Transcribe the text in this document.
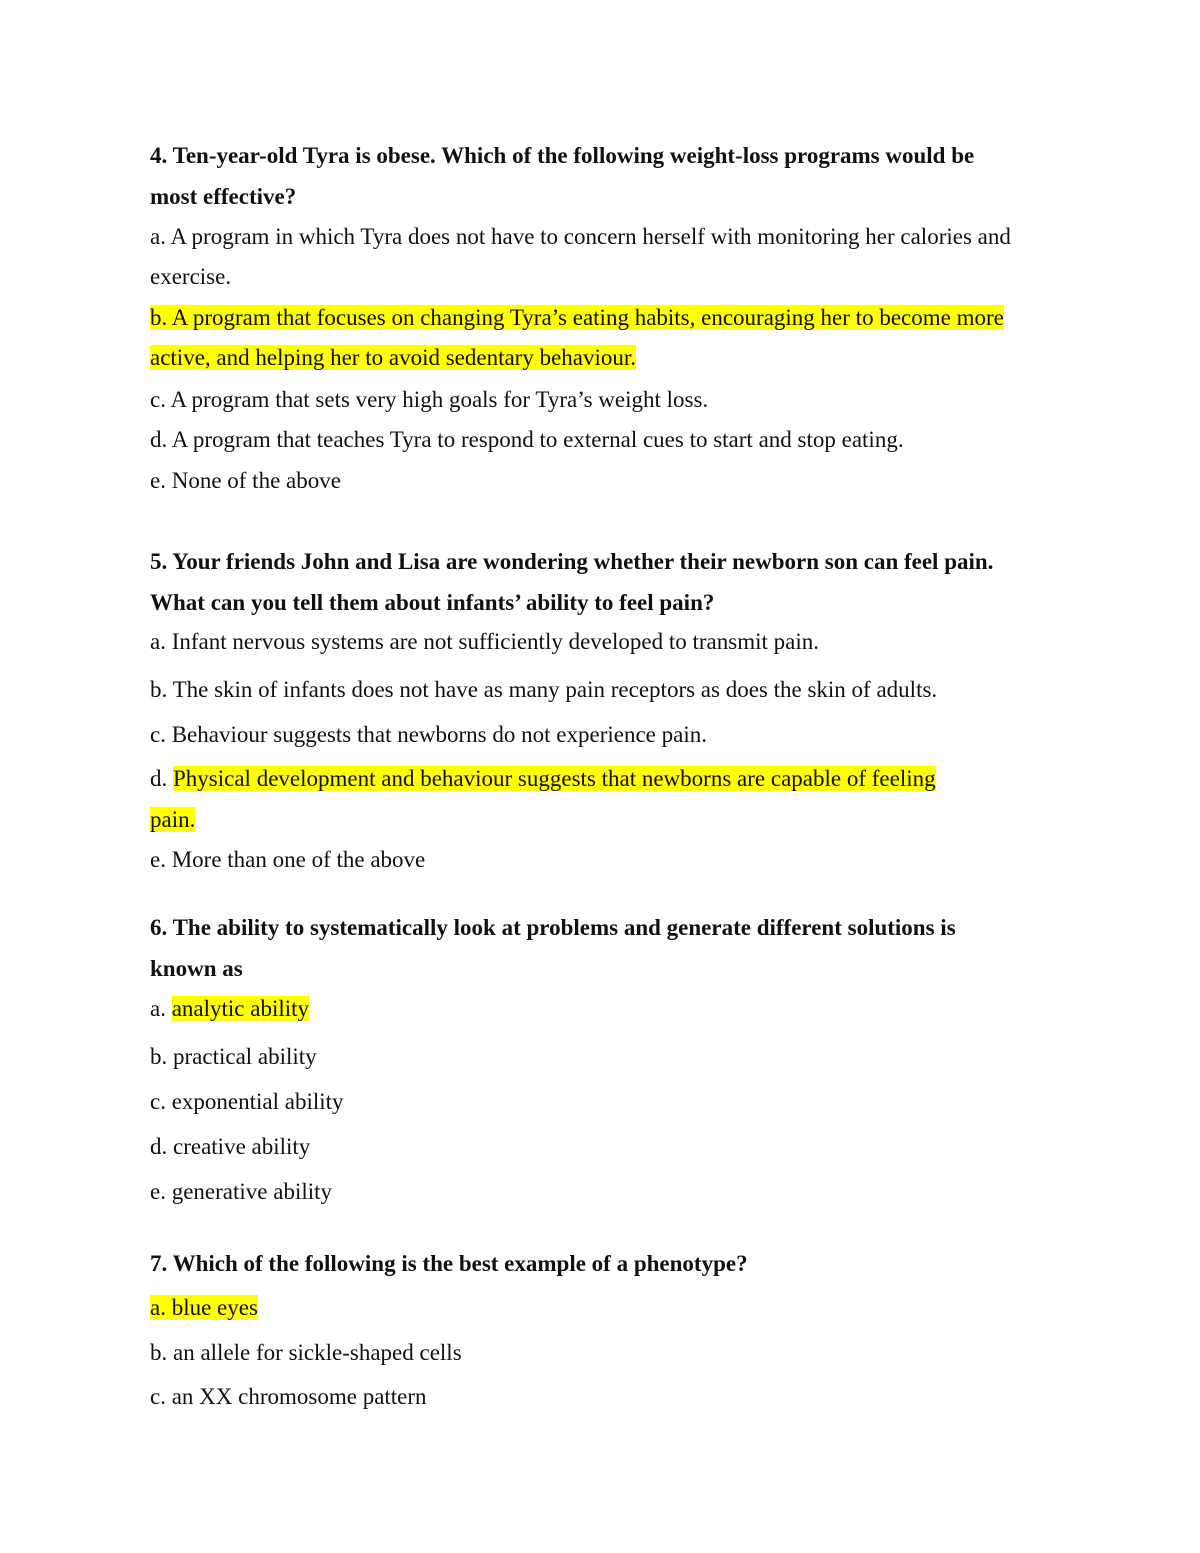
4. Ten-year-old Tyra is obese. Which of the following weight-loss programs would be
most effective?
a. A program in which Tyra does not have to concern herself with monitoring her calories and
exercise.
b. A program that focuses on changing Tyra’s eating habits, encouraging her to become more
active, and helping her to avoid sedentary behaviour.
c. A program that sets very high goals for Tyra’s weight loss.
d. A program that teaches Tyra to respond to external cues to start and stop eating.
e. None of the above
5. Your friends John and Lisa are wondering whether their newborn son can feel pain.
What can you tell them about infants’ ability to feel pain?
a. Infant nervous systems are not sufficiently developed to transmit pain.
b. The skin of infants does not have as many pain receptors as does the skin of adults.
c. Behaviour suggests that newborns do not experience pain.
d. Physical development and behaviour suggests that newborns are capable of feeling
pain.
e. More than one of the above
6. The ability to systematically look at problems and generate different solutions is
known as
a. analytic ability
b. practical ability
c. exponential ability
d. creative ability
e. generative ability
7. Which of the following is the best example of a phenotype?
a. blue eyes
b. an allele for sickle-shaped cells
c. an XX chromosome pattern
